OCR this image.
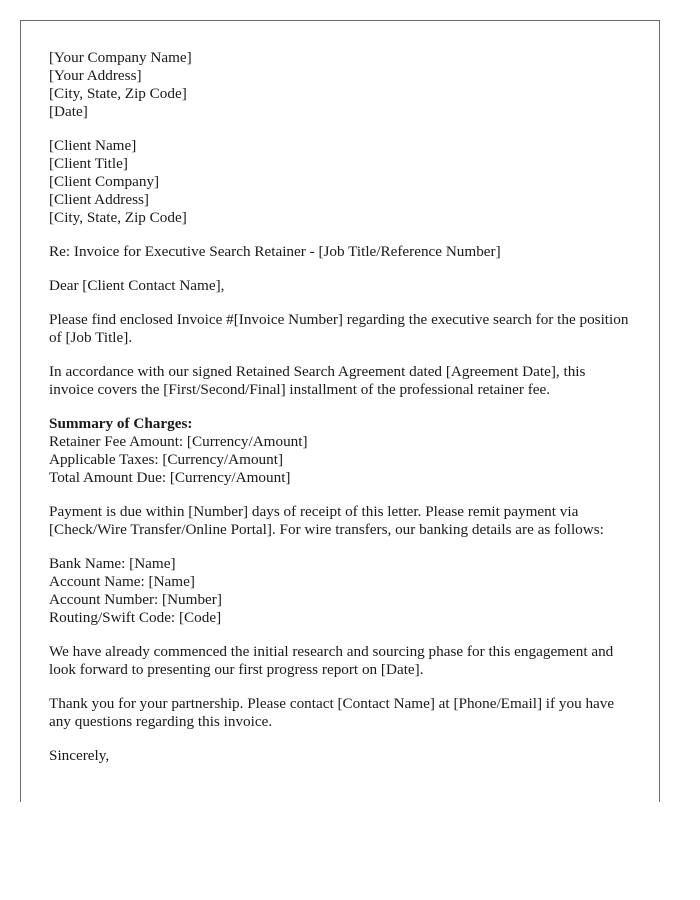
[Your Company Name]
[Your Address]
[City, State, Zip Code]
[Date]
[Client Name]
[Client Title]
[Client Company]
[Client Address]
[City, State, Zip Code]

Re: Invoice for Executive Search Retainer - [Job Title/Reference Number]

Dear [Client Contact Name],

Please find enclosed Invoice #[Invoice Number] regarding the executive search for the position of [Job Title].

In accordance with our signed Retained Search Agreement dated [Agreement Date], this invoice covers the [First/Second/Final] installment of the professional retainer fee.

Summary of Charges:
Retainer Fee Amount: [Currency/Amount]
Applicable Taxes: [Currency/Amount]
Total Amount Due: [Currency/Amount]

Payment is due within [Number] days of receipt of this letter. Please remit payment via [Check/Wire Transfer/Online Portal]. For wire transfers, our banking details are as follows:

Bank Name: [Name]
Account Name: [Name]
Account Number: [Number]
Routing/Swift Code: [Code]

We have already commenced the initial research and sourcing phase for this engagement and look forward to presenting our first progress report on [Date].

Thank you for your partnership. Please contact [Contact Name] at [Phone/Email] if you have any questions regarding this invoice.

Sincerely,
